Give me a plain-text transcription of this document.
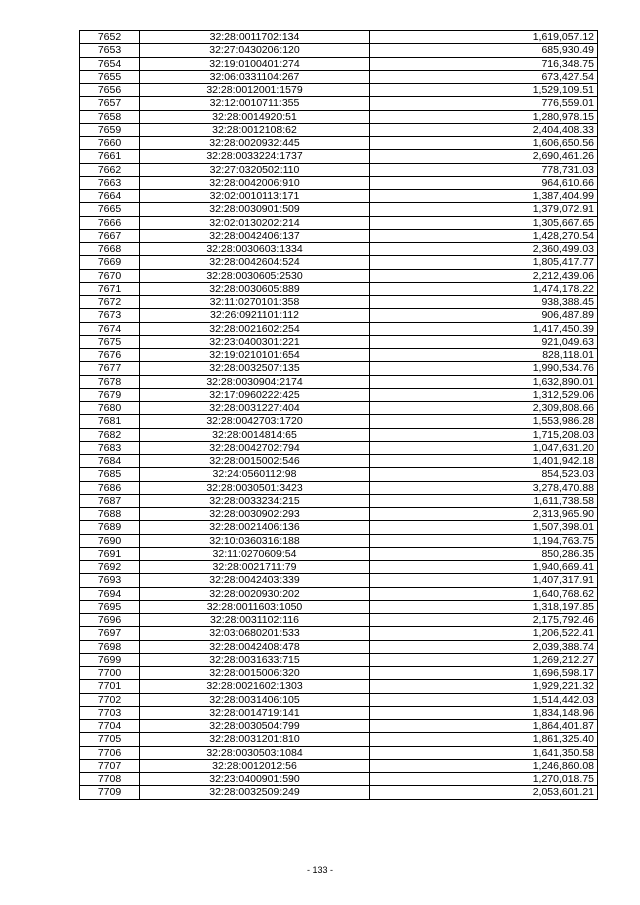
7652	32:28:0011702:134	1,619,057.12
7653	32:27:0430206:120	685,930.49
7654	32:19:0100401:274	716,348.75
7655	32:06:0331104:267	673,427.54
7656	32:28:0012001:1579	1,529,109.51
7657	32:12:0010711:355	776,559.01
7658	32:28:0014920:51	1,280,978.15
7659	32:28:0012108:62	2,404,408.33
7660	32:28:0020932:445	1,606,650.56
7661	32:28:0033224:1737	2,690,461.26
7662	32:27:0320502:110	778,731.03
7663	32:28:0042006:910	964,610.66
7664	32:02:0010113:171	1,387,404.99
7665	32:28:0030901:509	1,379,072.91
7666	32:02:0130202:214	1,305,667.65
7667	32:28:0042406:137	1,428,270.54
7668	32:28:0030603:1334	2,360,499.03
7669	32:28:0042604:524	1,805,417.77
7670	32:28:0030605:2530	2,212,439.06
7671	32:28:0030605:889	1,474,178.22
7672	32:11:0270101:358	938,388.45
7673	32:26:0921101:112	906,487.89
7674	32:28:0021602:254	1,417,450.39
7675	32:23:0400301:221	921,049.63
7676	32:19:0210101:654	828,118.01
7677	32:28:0032507:135	1,990,534.76
7678	32:28:0030904:2174	1,632,890.01
7679	32:17:0960222:425	1,312,529.06
7680	32:28:0031227:404	2,309,808.66
7681	32:28:0042703:1720	1,553,986.28
7682	32:28:0014814:65	1,715,208.03
7683	32:28:0042702:794	1,047,631.20
7684	32:28:0015002:546	1,401,942.18
7685	32:24:0560112:98	854,523.03
7686	32:28:0030501:3423	3,278,470.88
7687	32:28:0033234:215	1,611,738.58
7688	32:28:0030902:293	2,313,965.90
7689	32:28:0021406:136	1,507,398.01
7690	32:10:0360316:188	1,194,763.75
7691	32:11:0270609:54	850,286.35
7692	32:28:0021711:79	1,940,669.41
7693	32:28:0042403:339	1,407,317.91
7694	32:28:0020930:202	1,640,768.62
7695	32:28:0011603:1050	1,318,197.85
7696	32:28:0031102:116	2,175,792.46
7697	32:03:0680201:533	1,206,522.41
7698	32:28:0042408:478	2,039,388.74
7699	32:28:0031633:715	1,269,212.27
7700	32:28:0015006:320	1,696,598.17
7701	32:28:0021602:1303	1,929,221.32
7702	32:28:0031406:105	1,514,442.03
7703	32:28:0014719:141	1,834,148.96
7704	32:28:0030504:799	1,864,401.87
7705	32:28:0031201:810	1,861,325.40
7706	32:28:0030503:1084	1,641,350.58
7707	32:28:0012012:56	1,246,860.08
7708	32:23:0400901:590	1,270,018.75
7709	32:28:0032509:249	2,053,601.21
- 133 -
